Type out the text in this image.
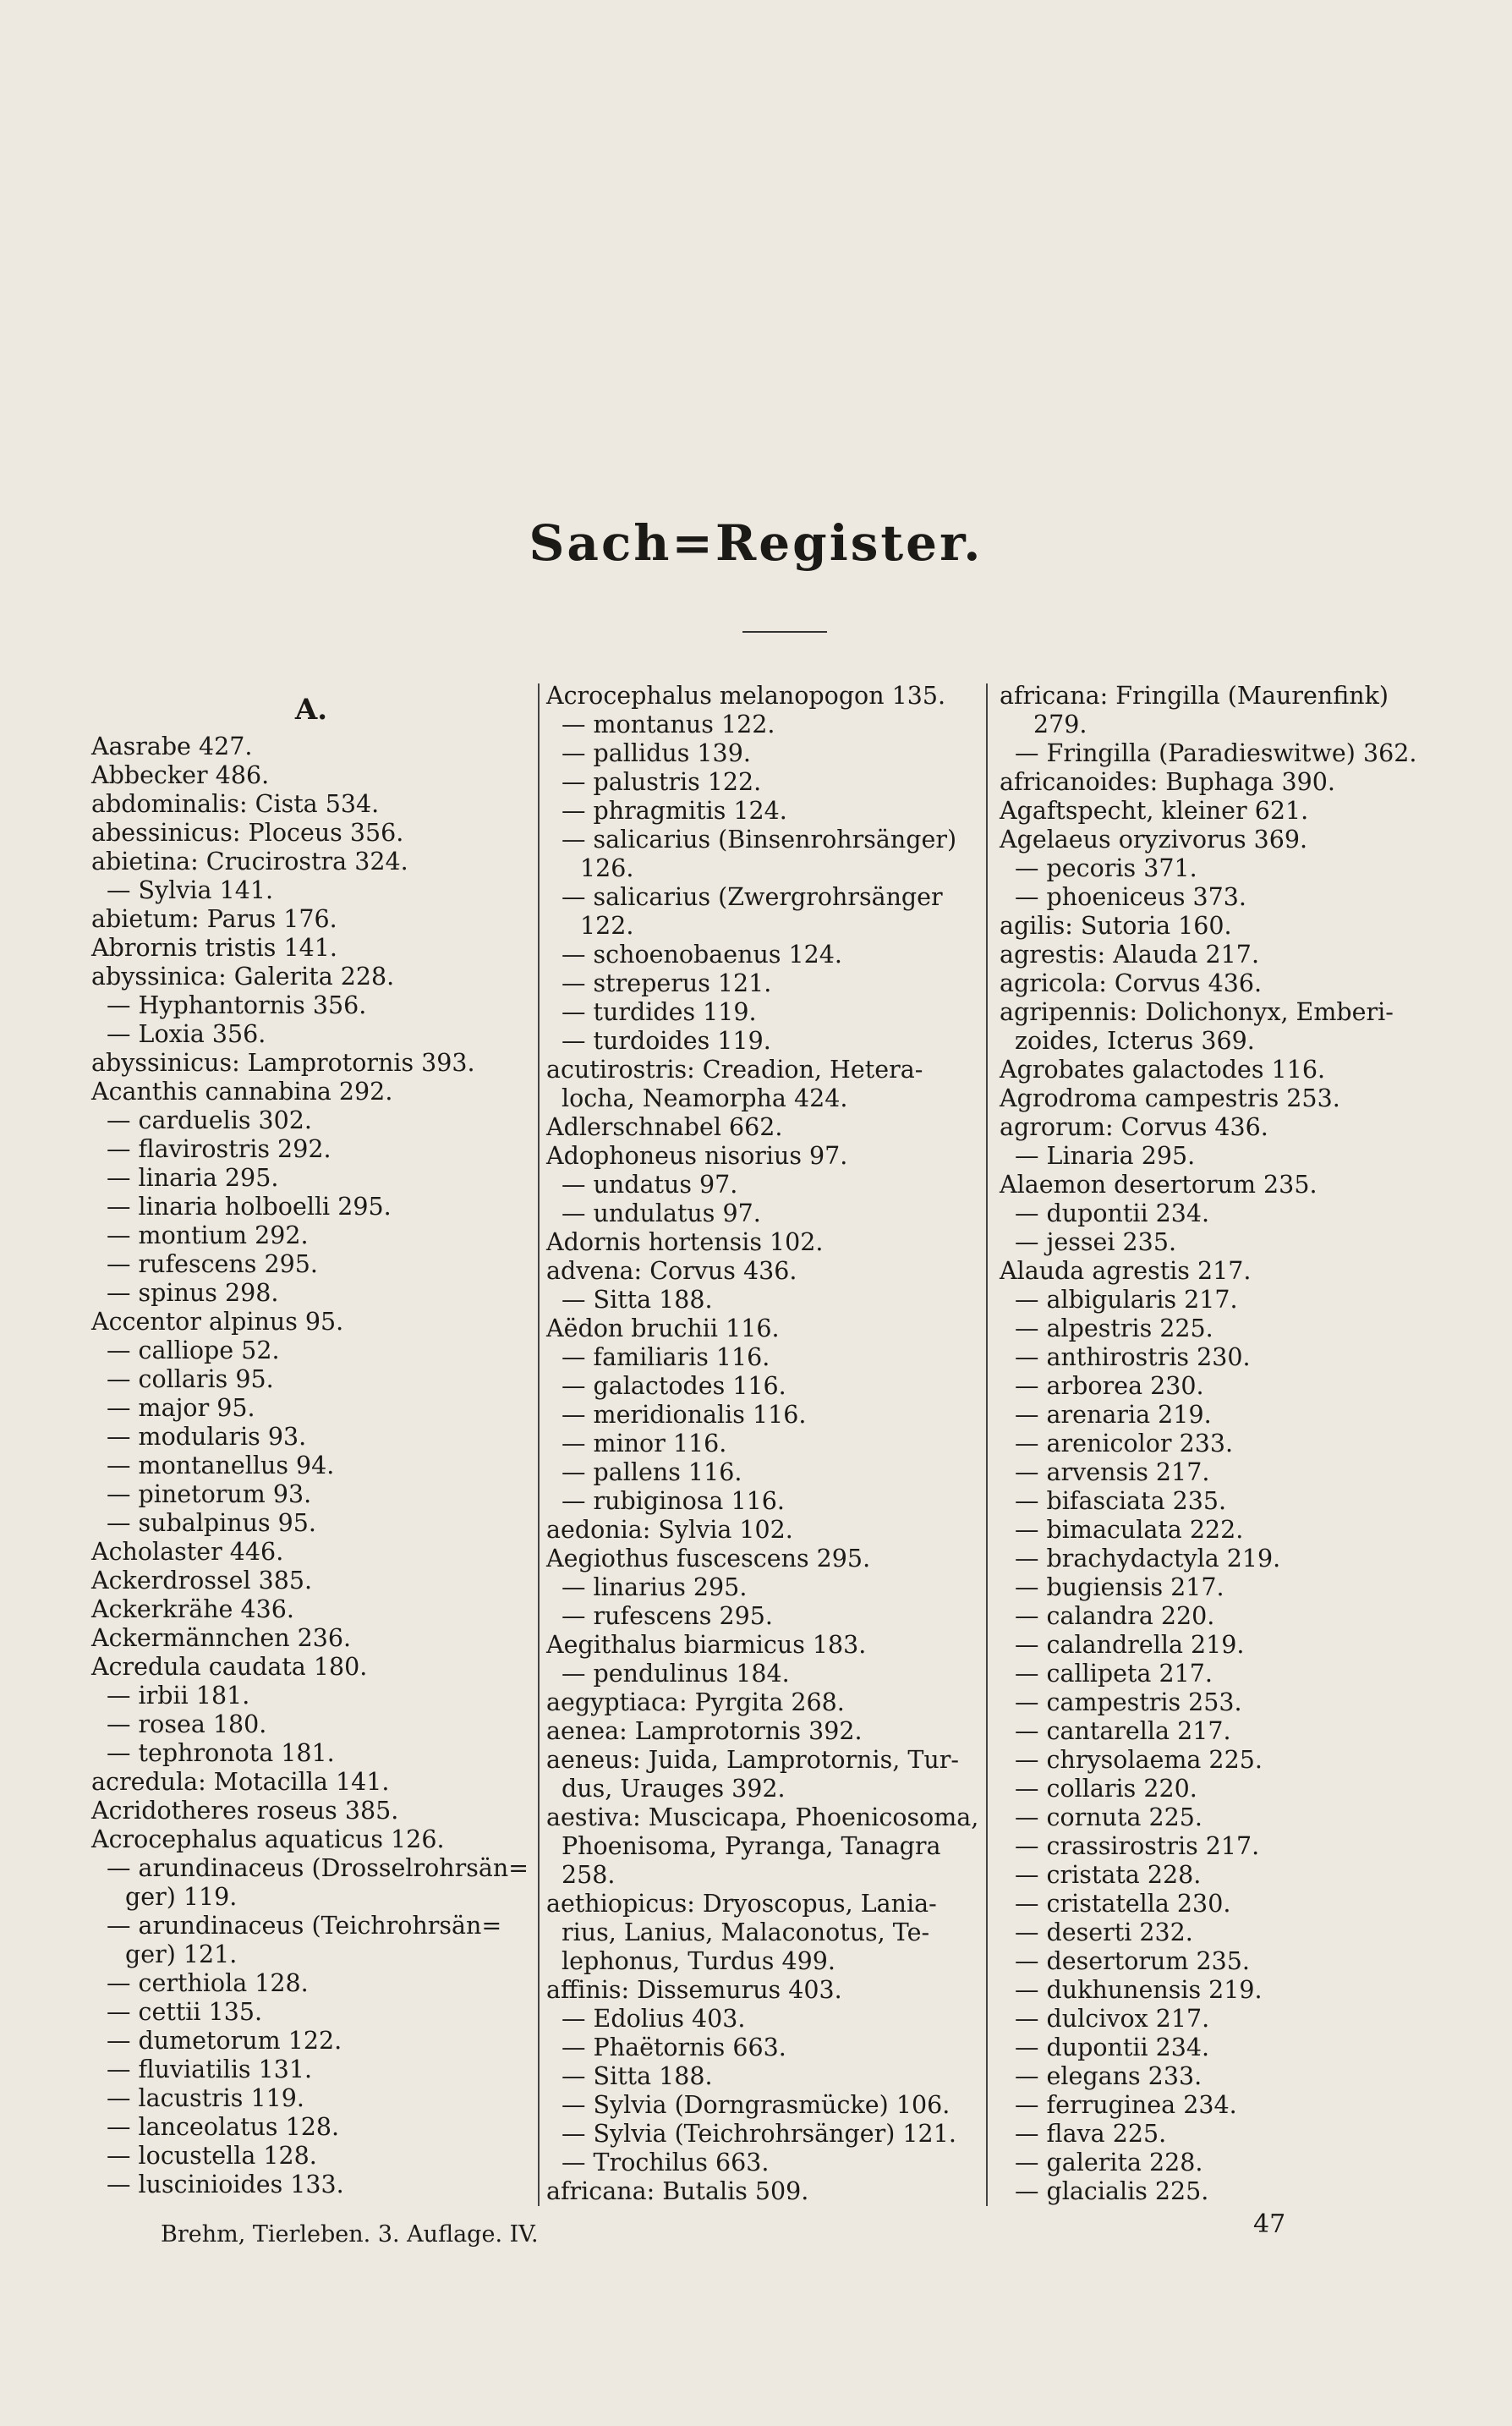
Sach=Register.
A.
Aasrabe 427.
Abbecker 486.
abdominalis: Cista 534.
abessinicus: Ploceus 356.
abietina: Crucirostra 324.
— Sylvia 141.
abietum: Parus 176.
Abrornis tristis 141.
abyssinica: Galerita 228.
— Hyphantornis 356.
— Loxia 356.
abyssinicus: Lamprotornis 393.
Acanthis cannabina 292.
— carduelis 302.
— flavirostris 292.
— linaria 295.
— linaria holboelli 295.
— montium 292.
— rufescens 295.
— spinus 298.
Accentor alpinus 95.
— calliope 52.
— collaris 95.
— major 95.
— modularis 93.
— montanellus 94.
— pinetorum 93.
— subalpinus 95.
Acholaster 446.
Ackerdrossel 385.
Ackerkrähe 436.
Ackermännchen 236.
Acredula caudata 180.
— irbii 181.
— rosea 180.
— tephronota 181.
acredula: Motacilla 141.
Acridotheres roseus 385.
Acrocephalus aquaticus 126.
— arundinaceus (Drosselrohrsän=
ger) 119.
— arundinaceus (Teichrohrsän=
ger) 121.
— certhiola 128.
— cettii 135.
— dumetorum 122.
— fluviatilis 131.
— lacustris 119.
— lanceolatus 128.
— locustella 128.
— luscinioides 133.
Acrocephalus melanopogon 135.
— montanus 122.
— pallidus 139.
— palustris 122.
— phragmitis 124.
— salicarius (Binsenrohrsänger)
126.
— salicarius (Zwergrohrsänger
122.
— schoenobaenus 124.
— streperus 121.
— turdides 119.
— turdoides 119.
acutirostris: Creadion, Hetera-
locha, Neamorpha 424.
Adlerschnabel 662.
Adophoneus nisorius 97.
— undatus 97.
— undulatus 97.
Adornis hortensis 102.
advena: Corvus 436.
— Sitta 188.
Aëdon bruchii 116.
— familiaris 116.
— galactodes 116.
— meridionalis 116.
— minor 116.
— pallens 116.
— rubiginosa 116.
aedonia: Sylvia 102.
Aegiothus fuscescens 295.
— linarius 295.
— rufescens 295.
Aegithalus biarmicus 183.
— pendulinus 184.
aegyptiaca: Pyrgita 268.
aenea: Lamprotornis 392.
aeneus: Juida, Lamprotornis, Tur-
dus, Urauges 392.
aestiva: Muscicapa, Phoenicosoma,
Phoenisoma, Pyranga, Tanagra
258.
aethiopicus: Dryoscopus, Lania-
rius, Lanius, Malaconotus, Te-
lephonus, Turdus 499.
affinis: Dissemurus 403.
— Edolius 403.
— Phaëtornis 663.
— Sitta 188.
— Sylvia (Dorngrasmücke) 106.
— Sylvia (Teichrohrsänger) 121.
— Trochilus 663.
africana: Butalis 509.
africana: Fringilla (Maurenfink)
279.
— Fringilla (Paradieswitwe) 362.
africanoides: Buphaga 390.
Agaftspecht, kleiner 621.
Agelaeus oryzivorus 369.
— pecoris 371.
— phoeniceus 373.
agilis: Sutoria 160.
agrestis: Alauda 217.
agricola: Corvus 436.
agripennis: Dolichonyx, Emberi-
zoides, Icterus 369.
Agrobates galactodes 116.
Agrodroma campestris 253.
agrorum: Corvus 436.
— Linaria 295.
Alaemon desertorum 235.
— dupontii 234.
— jessei 235.
Alauda agrestis 217.
— albigularis 217.
— alpestris 225.
— anthirostris 230.
— arborea 230.
— arenaria 219.
— arenicolor 233.
— arvensis 217.
— bifasciata 235.
— bimaculata 222.
— brachydactyla 219.
— bugiensis 217.
— calandra 220.
— calandrella 219.
— callipeta 217.
— campestris 253.
— cantarella 217.
— chrysolaema 225.
— collaris 220.
— cornuta 225.
— crassirostris 217.
— cristata 228.
— cristatella 230.
— deserti 232.
— desertorum 235.
— dukhunensis 219.
— dulcivox 217.
— dupontii 234.
— elegans 233.
— ferruginea 234.
— flava 225.
— galerita 228.
— glacialis 225.
Brehm, Tierleben. 3. Auflage. IV.	47
